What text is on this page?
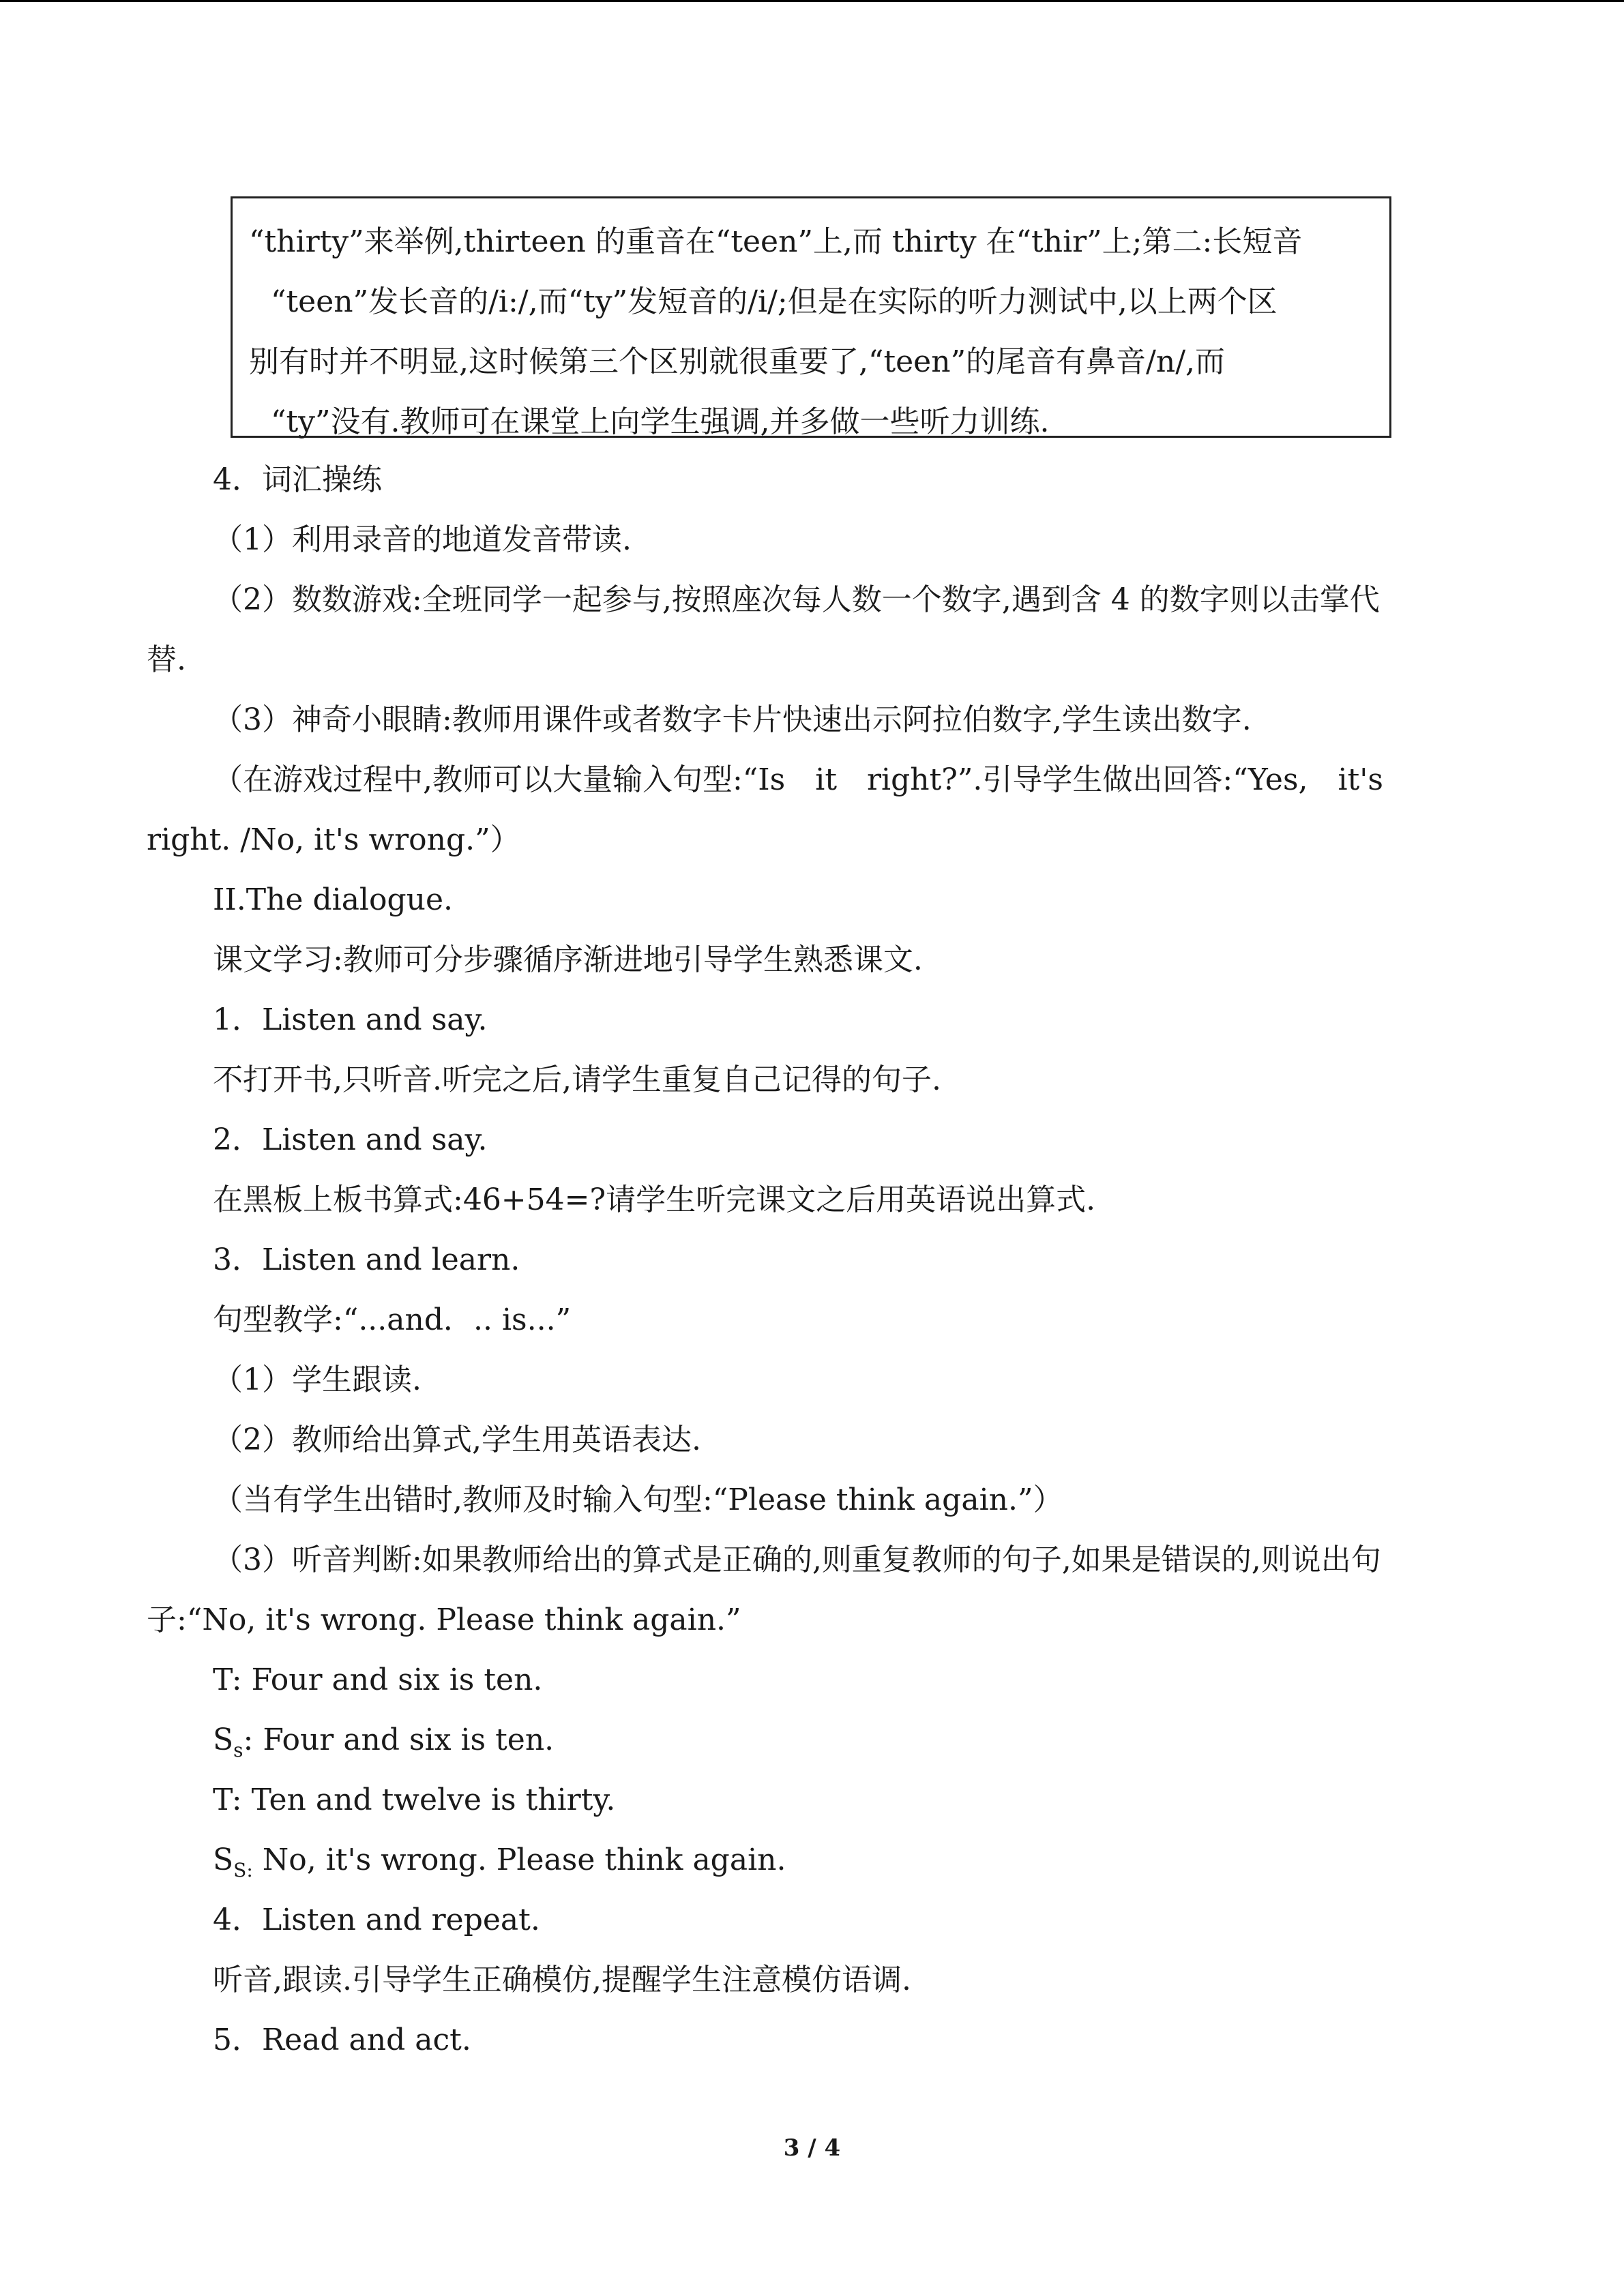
“thirty”来举例,thirteen 的重音在“teen”上,而 thirty 在“thir”上;第二:长短音
“teen”发长音的/i:/,而“ty”发短音的/i/;但是在实际的听力测试中,以上两个区
别有时并不明显,这时候第三个区别就很重要了,“teen”的尾音有鼻音/n/,而
“ty”没有.教师可在课堂上向学生强调,并多做一些听力训练.
4．词汇操练
（1）利用录音的地道发音带读.
（2）数数游戏:全班同学一起参与,按照座次每人数一个数字,遇到含 4 的数字则以击掌代
替.
（3）神奇小眼睛:教师用课件或者数字卡片快速出示阿拉伯数字,学生读出数字.
（在游戏过程中,教师可以大量输入句型:“Is　it　right?”.引导学生做出回答:“Yes,　it's
right. /No, it's wrong.”）
II.The dialogue.
课文学习:教师可分步骤循序渐进地引导学生熟悉课文.
1．Listen and say.
不打开书,只听音.听完之后,请学生重复自己记得的句子.
2．Listen and say.
在黑板上板书算式:46+54=?请学生听完课文之后用英语说出算式.
3．Listen and learn.
句型教学:“...and．.. is...”
（1）学生跟读.
（2）教师给出算式,学生用英语表达.
（当有学生出错时,教师及时输入句型:“Please think again.”）
（3）听音判断:如果教师给出的算式是正确的,则重复教师的句子,如果是错误的,则说出句
子:“No, it's wrong. Please think again.”
T: Four and six is ten.
$S_s$: Four and six is ten.
T: Ten and twelve is thirty.
$S_{S:}$ No, it's wrong. Please think again.
4．Listen and repeat.
听音,跟读.引导学生正确模仿,提醒学生注意模仿语调.
5．Read and act.
3 / 4
